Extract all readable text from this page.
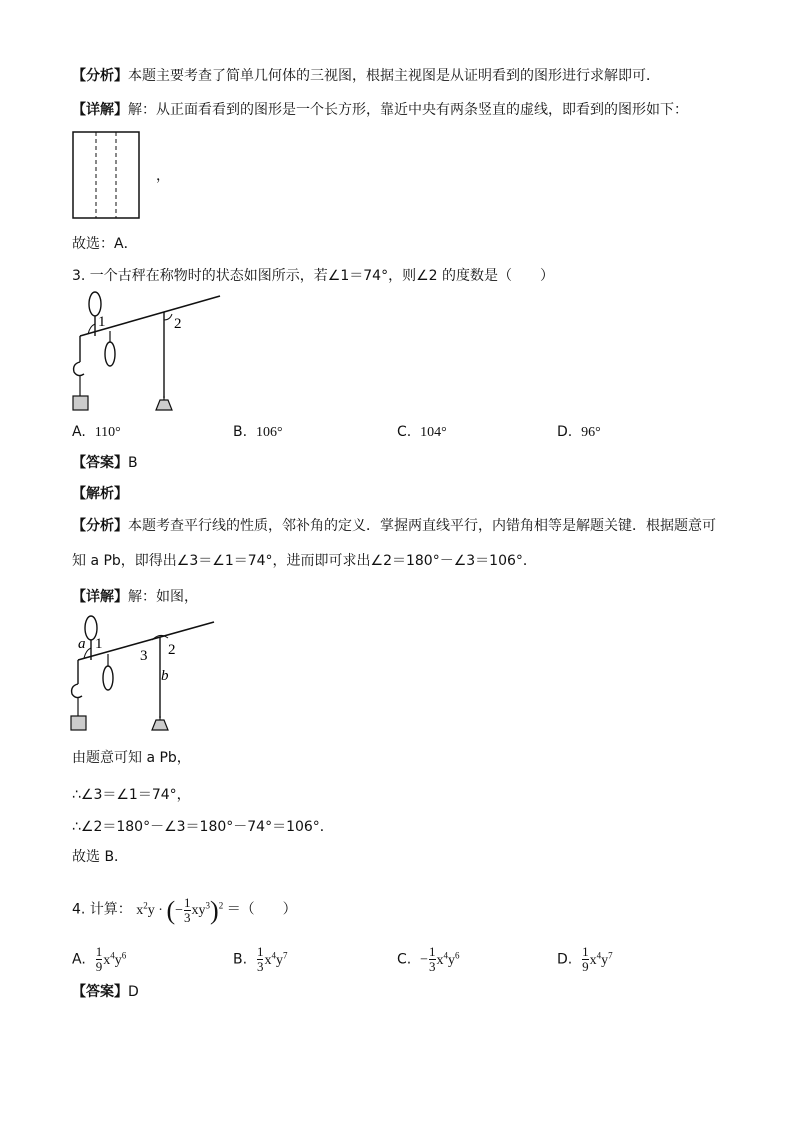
【分析】本题主要考查了简单几何体的三视图，根据主视图是从证明看到的图形进行求解即可．
【详解】解：从正面看看到的图形是一个长方形，靠近中央有两条竖直的虚线，即看到的图形如下：
，
故选：A．
3. 一个古秤在称物时的状态如图所示，若∠1＝74°，则∠2 的度数是（　　）
1	2
A. 110°	B. 106°	C. 104°	D. 96°
【答案】B
【解析】
【分析】本题考查平行线的性质，邻补角的定义．掌握两直线平行，内错角相等是解题关键．根据题意可
知 a Pb，即得出∠3＝∠1＝74°，进而即可求出∠2＝180°－∠3＝106°．
【详解】解：如图，
a 1
3 2
b
由题意可知 a Pb，
∴∠3＝∠1＝74°，
∴∠2＝180°－∠3＝180°－74°＝106°．
故选 B．
4. 计算： $x^2y$ · (− $\frac{1}{3} xy^3)^2$ ＝（　　）
A. $\frac{1}{9} x^4y^6$	B. $\frac{1}{3} x^4y^7$	C. − $\frac{1}{3} x^4y^6$	D. $\frac{1}{9} x^4y^7$
【答案】D
